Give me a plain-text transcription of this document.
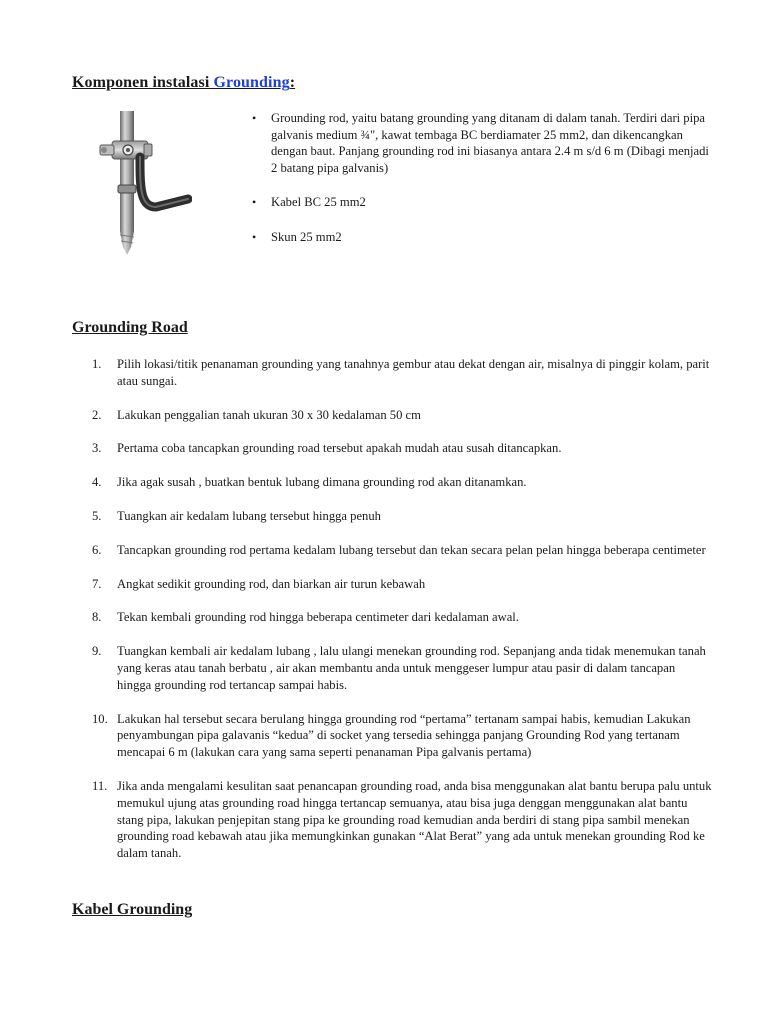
Komponen instalasi Grounding:
• Grounding rod, yaitu batang grounding yang ditanam di dalam tanah. Terdiri dari pipa galvanis medium ¾", kawat tembaga BC berdiamater 25 mm2, dan dikencangkan dengan baut. Panjang grounding rod ini biasanya antara 2.4 m s/d 6 m (Dibagi menjadi 2 batang pipa galvanis)
• Kabel BC 25 mm2
• Skun 25 mm2
Grounding Road
1.	Pilih lokasi/titik penanaman grounding yang tanahnya gembur atau dekat dengan air, misalnya di pinggir kolam, parit atau sungai.
2.	Lakukan penggalian tanah ukuran 30 x 30 kedalaman 50 cm
3.	Pertama coba tancapkan grounding road tersebut apakah mudah atau susah ditancapkan.
4.	Jika agak susah , buatkan bentuk lubang dimana grounding rod akan ditanamkan.
5.	Tuangkan air kedalam lubang tersebut hingga penuh
6.	Tancapkan grounding rod pertama kedalam lubang tersebut dan tekan secara pelan pelan hingga beberapa centimeter
7.	Angkat sedikit grounding rod, dan biarkan air turun kebawah
8.	Tekan kembali grounding rod hingga beberapa centimeter dari kedalaman awal.
9.	Tuangkan kembali air kedalam lubang , lalu ulangi menekan grounding rod. Sepanjang anda tidak menemukan tanah yang keras atau tanah berbatu , air akan membantu anda untuk menggeser lumpur atau pasir di dalam tancapan hingga grounding rod tertancap sampai habis.
10. Lakukan hal tersebut secara berulang hingga grounding rod “pertama” tertanam sampai habis, kemudian Lakukan penyambungan pipa galavanis “kedua” di socket yang tersedia sehingga panjang Grounding Rod yang tertanam mencapai 6 m (lakukan cara yang sama seperti penanaman Pipa galvanis pertama)
11. Jika anda mengalami kesulitan saat penancapan grounding road, anda bisa menggunakan alat bantu berupa palu untuk memukul ujung atas grounding road hingga tertancap semuanya, atau bisa juga denggan menggunakan alat bantu stang pipa, lakukan penjepitan stang pipa ke grounding road kemudian anda berdiri di stang pipa sambil menekan grounding road kebawah atau jika memungkinkan gunakan “Alat Berat” yang ada untuk menekan grounding Rod ke dalam tanah.
Kabel Grounding
